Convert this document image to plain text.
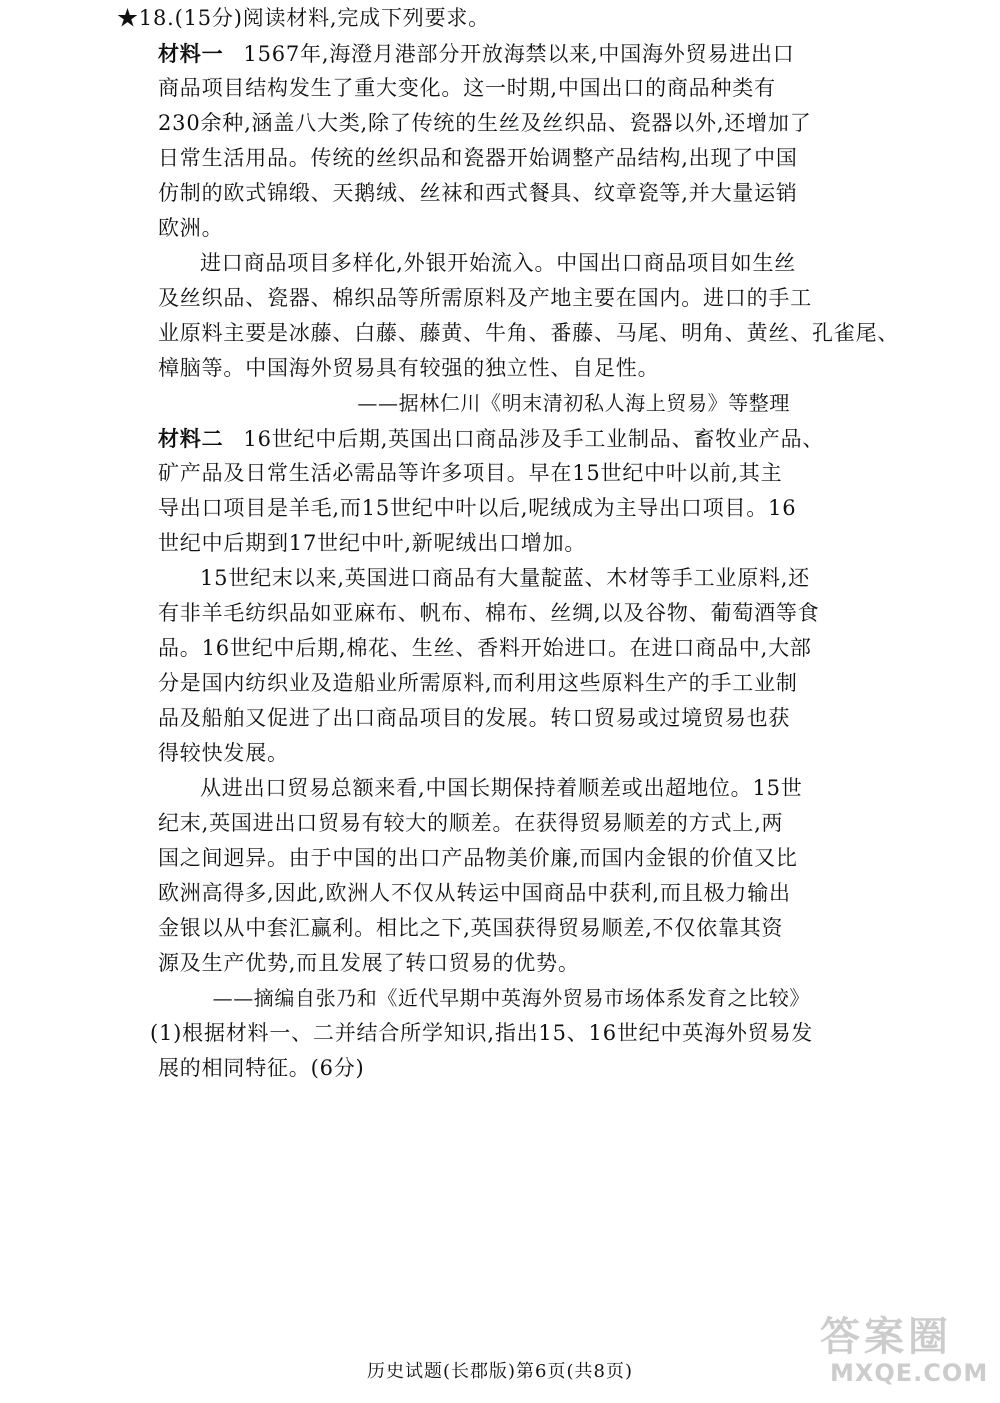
★18.(15分)阅读材料,完成下列要求。
材料一 1567年,海澄月港部分开放海禁以来,中国海外贸易进出口
商品项目结构发生了重大变化。这一时期,中国出口的商品种类有
230余种,涵盖八大类,除了传统的生丝及丝织品、瓷器以外,还增加了
日常生活用品。传统的丝织品和瓷器开始调整产品结构,出现了中国
仿制的欧式锦缎、天鹅绒、丝袜和西式餐具、纹章瓷等,并大量运销
欧洲。
进口商品项目多样化,外银开始流入。中国出口商品项目如生丝
及丝织品、瓷器、棉织品等所需原料及产地主要在国内。进口的手工
业原料主要是冰藤、白藤、藤黄、牛角、番藤、马尾、明角、黄丝、孔雀尾、
樟脑等。中国海外贸易具有较强的独立性、自足性。
——据林仁川《明末清初私人海上贸易》等整理
材料二 16世纪中后期,英国出口商品涉及手工业制品、畜牧业产品、
矿产品及日常生活必需品等许多项目。早在15世纪中叶以前,其主
导出口项目是羊毛,而15世纪中叶以后,呢绒成为主导出口项目。16
世纪中后期到17世纪中叶,新呢绒出口增加。
15世纪末以来,英国进口商品有大量靛蓝、木材等手工业原料,还
有非羊毛纺织品如亚麻布、帆布、棉布、丝绸,以及谷物、葡萄酒等食
品。16世纪中后期,棉花、生丝、香料开始进口。在进口商品中,大部
分是国内纺织业及造船业所需原料,而利用这些原料生产的手工业制
品及船舶又促进了出口商品项目的发展。转口贸易或过境贸易也获
得较快发展。
从进出口贸易总额来看,中国长期保持着顺差或出超地位。15世
纪末,英国进出口贸易有较大的顺差。在获得贸易顺差的方式上,两
国之间迥异。由于中国的出口产品物美价廉,而国内金银的价值又比
欧洲高得多,因此,欧洲人不仅从转运中国商品中获利,而且极力输出
金银以从中套汇赢利。相比之下,英国获得贸易顺差,不仅依靠其资
源及生产优势,而且发展了转口贸易的优势。
——摘编自张乃和《近代早期中英海外贸易市场体系发育之比较》
(1)根据材料一、二并结合所学知识,指出15、16世纪中英海外贸易发
展的相同特征。(6分)
历史试题(长郡版)第6页(共8页)
答案圈
MXQE.COM
